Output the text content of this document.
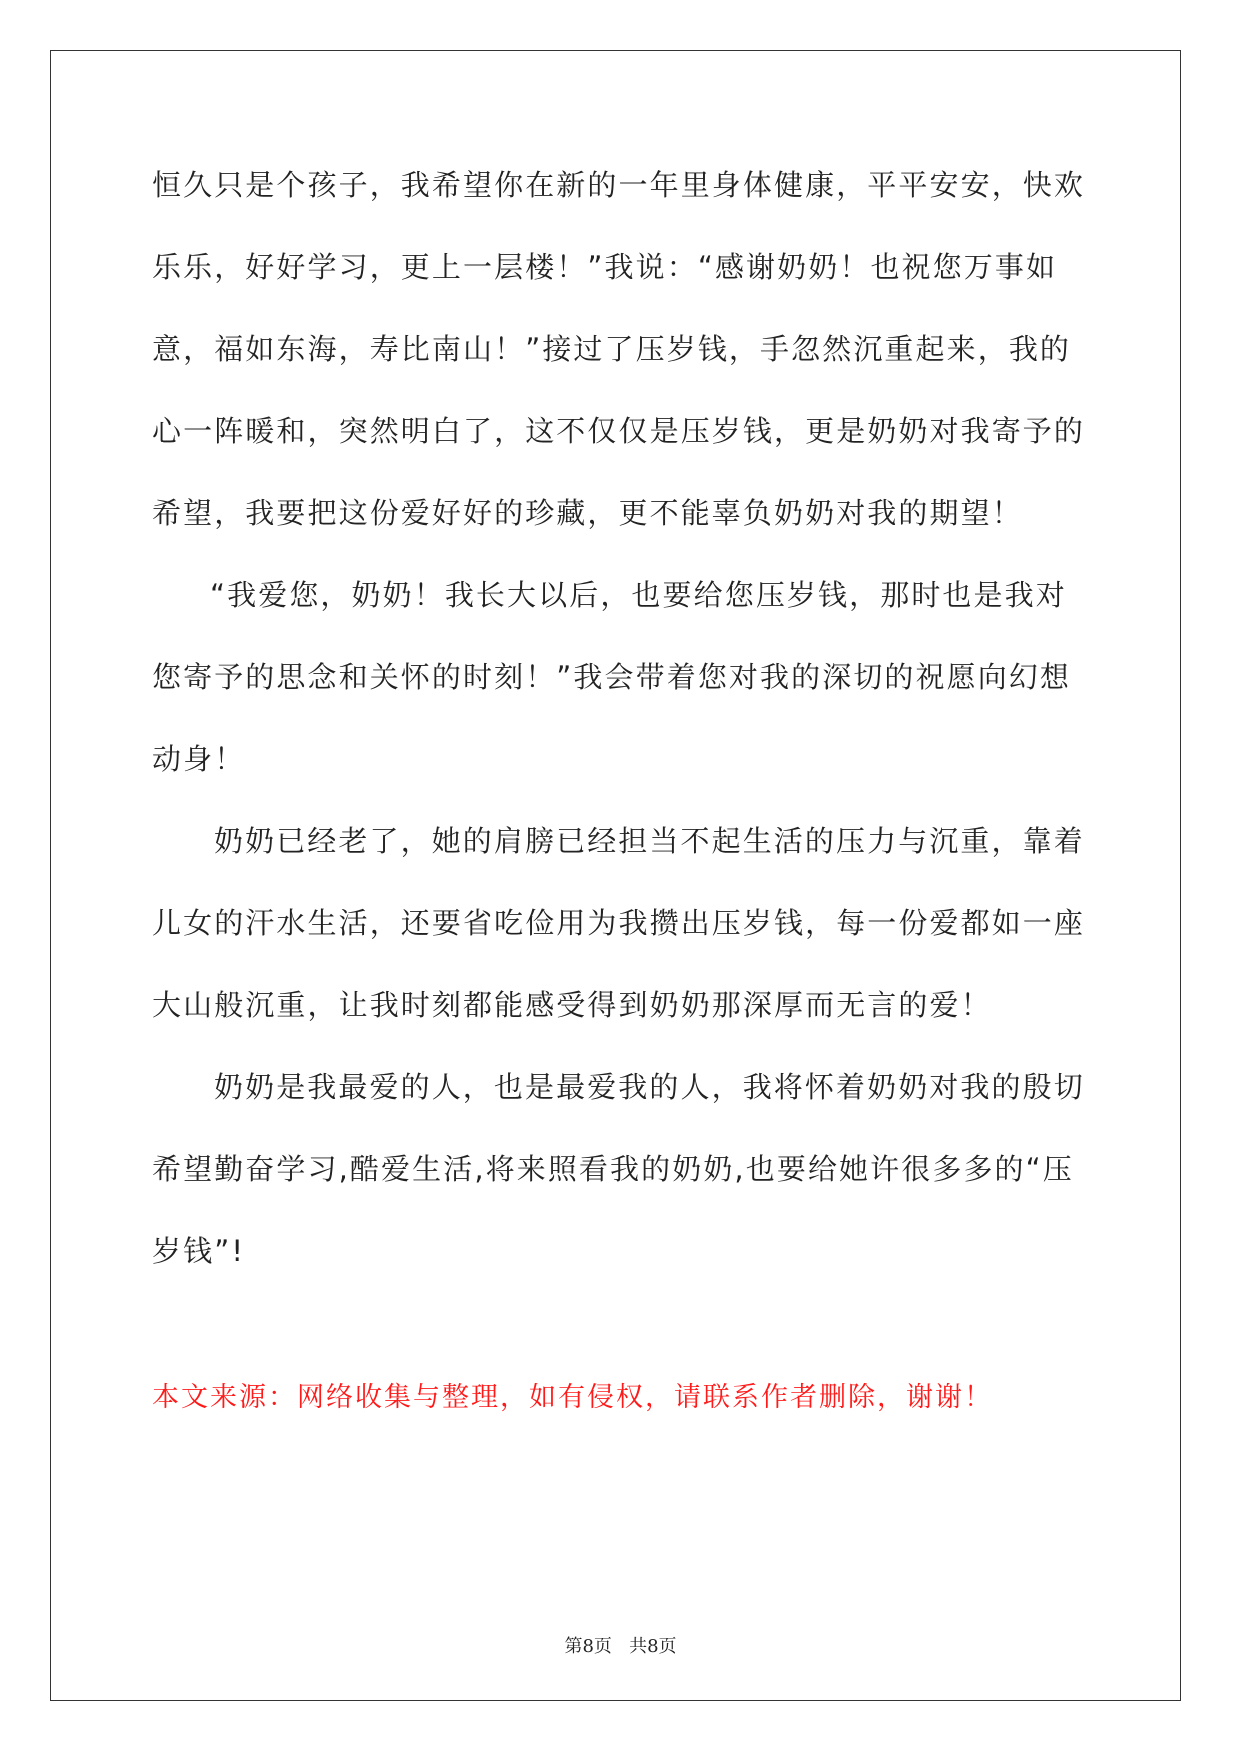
恒久只是个孩子，我希望你在新的一年里身体健康，平平安安，快欢
乐乐，好好学习，更上一层楼！”我说：“感谢奶奶！也祝您万事如
意，福如东海，寿比南山！”接过了压岁钱，手忽然沉重起来，我的
心一阵暖和，突然明白了，这不仅仅是压岁钱，更是奶奶对我寄予的
希望，我要把这份爱好好的珍藏，更不能辜负奶奶对我的期望！
“我爱您，奶奶！我长大以后，也要给您压岁钱，那时也是我对
您寄予的思念和关怀的时刻！”我会带着您对我的深切的祝愿向幻想
动身！
奶奶已经老了，她的肩膀已经担当不起生活的压力与沉重，靠着
儿女的汗水生活，还要省吃俭用为我攒出压岁钱，每一份爱都如一座
大山般沉重，让我时刻都能感受得到奶奶那深厚而无言的爱！
奶奶是我最爱的人，也是最爱我的人，我将怀着奶奶对我的殷切
希望勤奋学习,酷爱生活,将来照看我的奶奶,也要给她许很多多的“压
岁钱”!
本文来源：网络收集与整理，如有侵权，请联系作者删除，谢谢！
第8页   共8页
